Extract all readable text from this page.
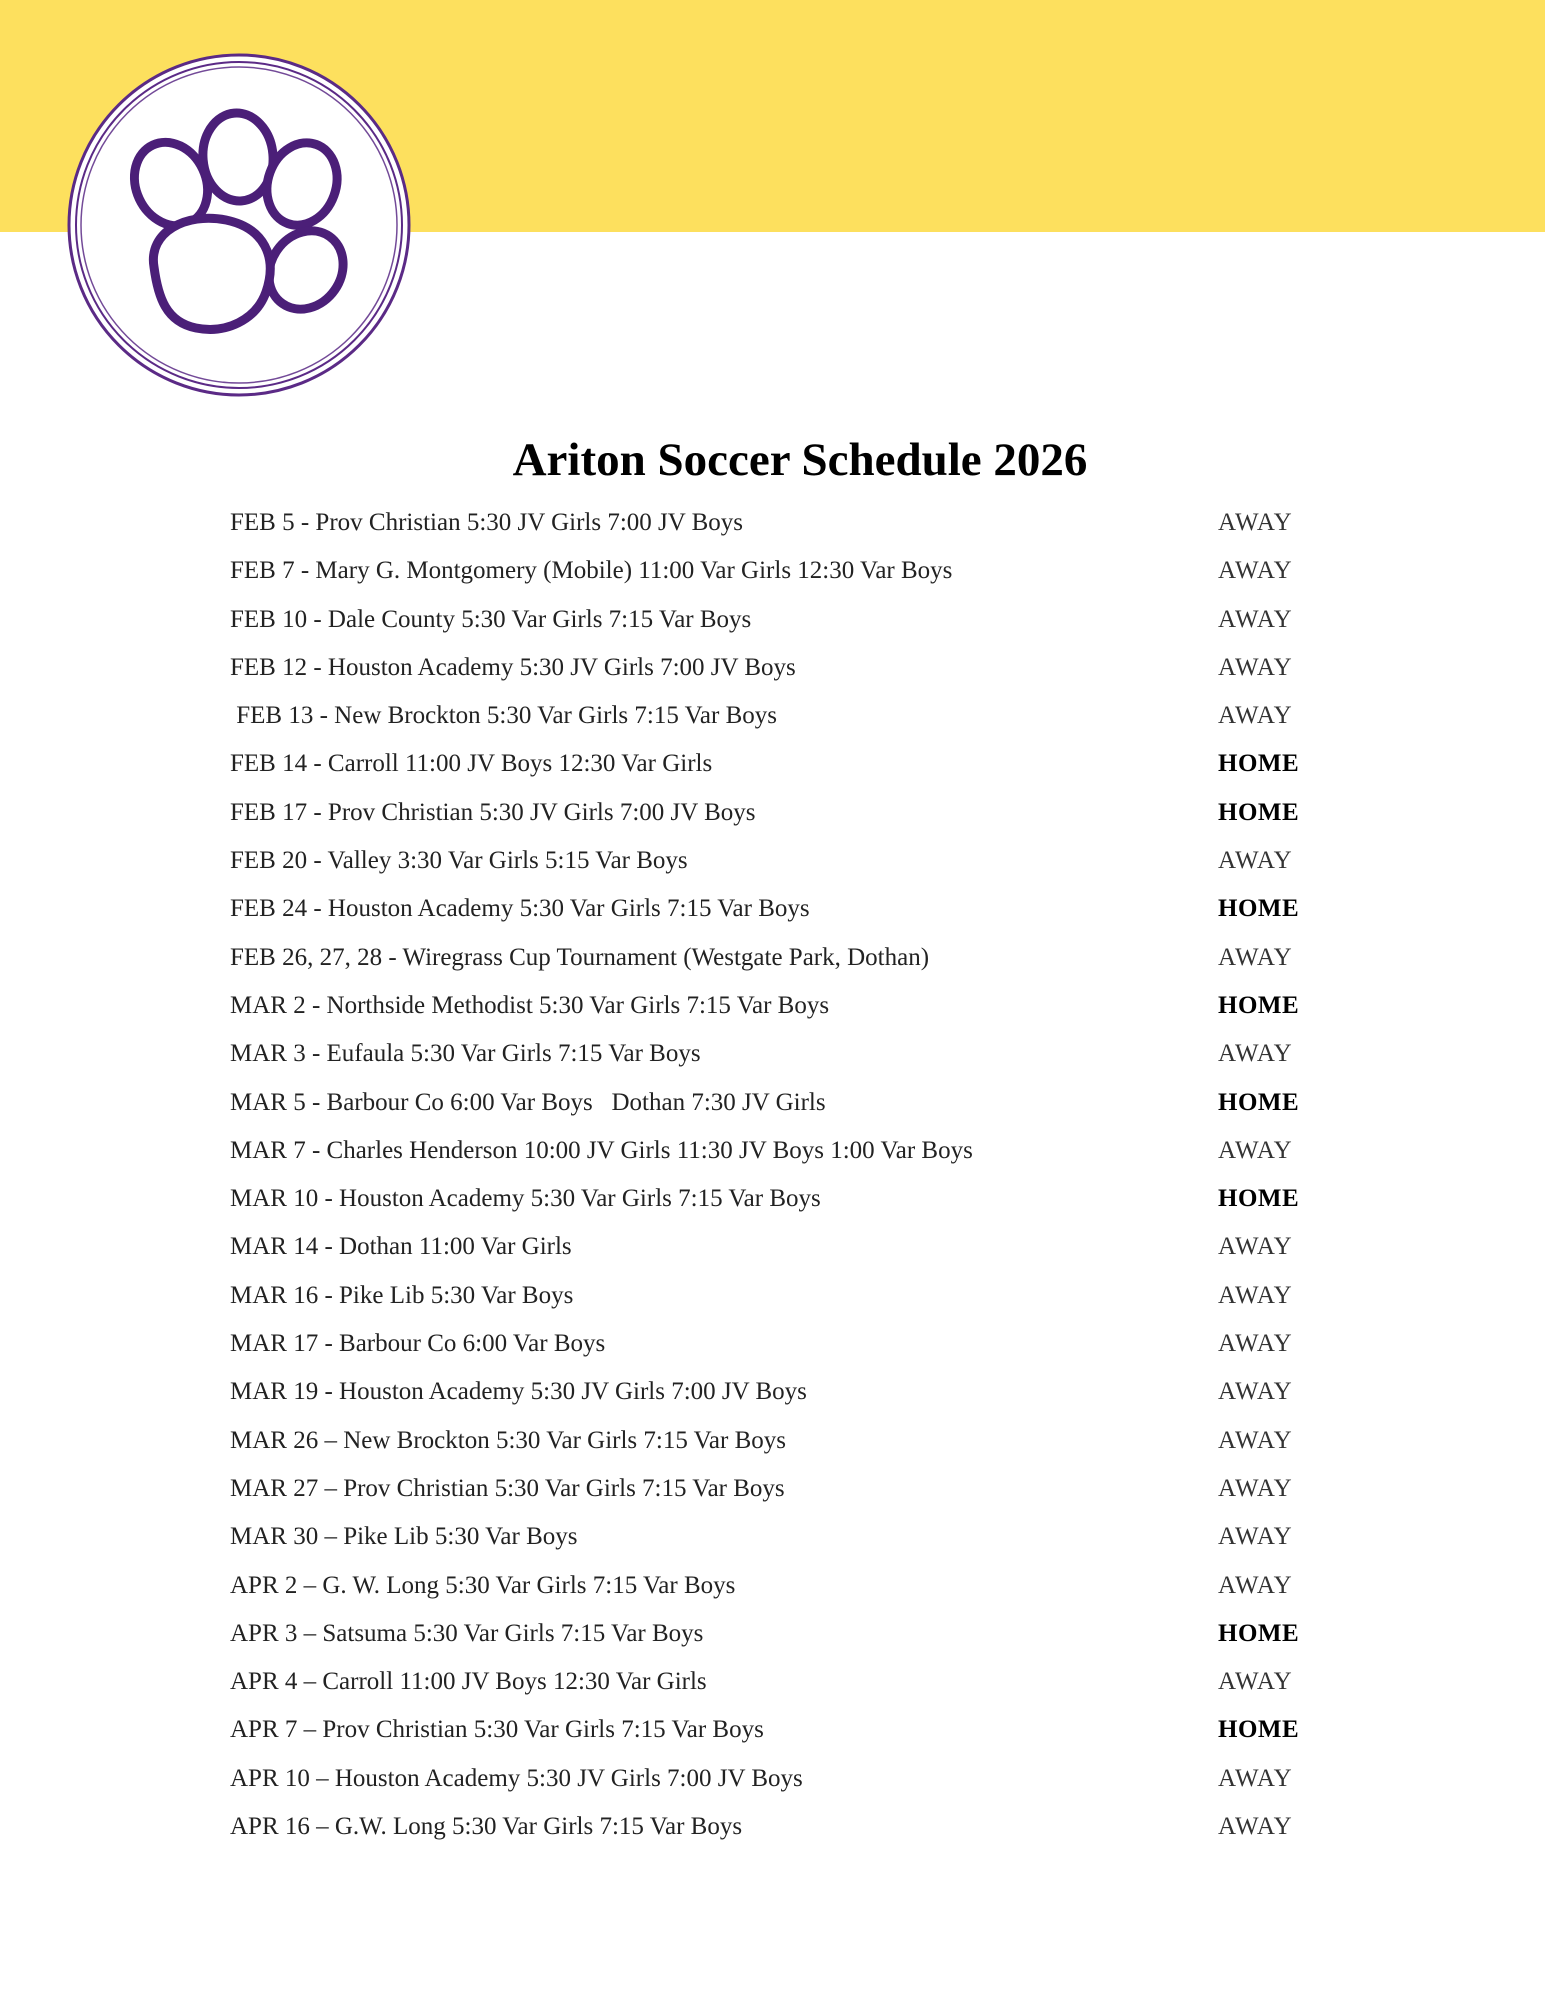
Ariton Soccer Schedule 2026
FEB 5 - Prov Christian 5:30 JV Girls 7:00 JV Boys	AWAY
FEB 7 - Mary G. Montgomery (Mobile) 11:00 Var Girls 12:30 Var Boys	AWAY
FEB 10 - Dale County 5:30 Var Girls 7:15 Var Boys	AWAY
FEB 12 - Houston Academy 5:30 JV Girls 7:00 JV Boys	AWAY
FEB 13 - New Brockton 5:30 Var Girls 7:15 Var Boys	AWAY
FEB 14 - Carroll 11:00 JV Boys 12:30 Var Girls	HOME
FEB 17 - Prov Christian 5:30 JV Girls 7:00 JV Boys	HOME
FEB 20 - Valley 3:30 Var Girls 5:15 Var Boys	AWAY
FEB 24 - Houston Academy 5:30 Var Girls 7:15 Var Boys	HOME
FEB 26, 27, 28 - Wiregrass Cup Tournament (Westgate Park, Dothan)	AWAY
MAR 2 - Northside Methodist 5:30 Var Girls 7:15 Var Boys	HOME
MAR 3 - Eufaula 5:30 Var Girls 7:15 Var Boys	AWAY
MAR 5 - Barbour Co 6:00 Var Boys   Dothan 7:30 JV Girls	HOME
MAR 7 - Charles Henderson 10:00 JV Girls 11:30 JV Boys 1:00 Var Boys	AWAY
MAR 10 - Houston Academy 5:30 Var Girls 7:15 Var Boys	HOME
MAR 14 - Dothan 11:00 Var Girls	AWAY
MAR 16 - Pike Lib 5:30 Var Boys	AWAY
MAR 17 - Barbour Co 6:00 Var Boys	AWAY
MAR 19 - Houston Academy 5:30 JV Girls 7:00 JV Boys	AWAY
MAR 26 – New Brockton 5:30 Var Girls 7:15 Var Boys	AWAY
MAR 27 – Prov Christian 5:30 Var Girls 7:15 Var Boys	AWAY
MAR 30 – Pike Lib 5:30 Var Boys	AWAY
APR 2 – G. W. Long 5:30 Var Girls 7:15 Var Boys	AWAY
APR 3 – Satsuma 5:30 Var Girls 7:15 Var Boys	HOME
APR 4 – Carroll 11:00 JV Boys 12:30 Var Girls	AWAY
APR 7 – Prov Christian 5:30 Var Girls 7:15 Var Boys	HOME
APR 10 – Houston Academy 5:30 JV Girls 7:00 JV Boys	AWAY
APR 16 – G.W. Long 5:30 Var Girls 7:15 Var Boys	AWAY
